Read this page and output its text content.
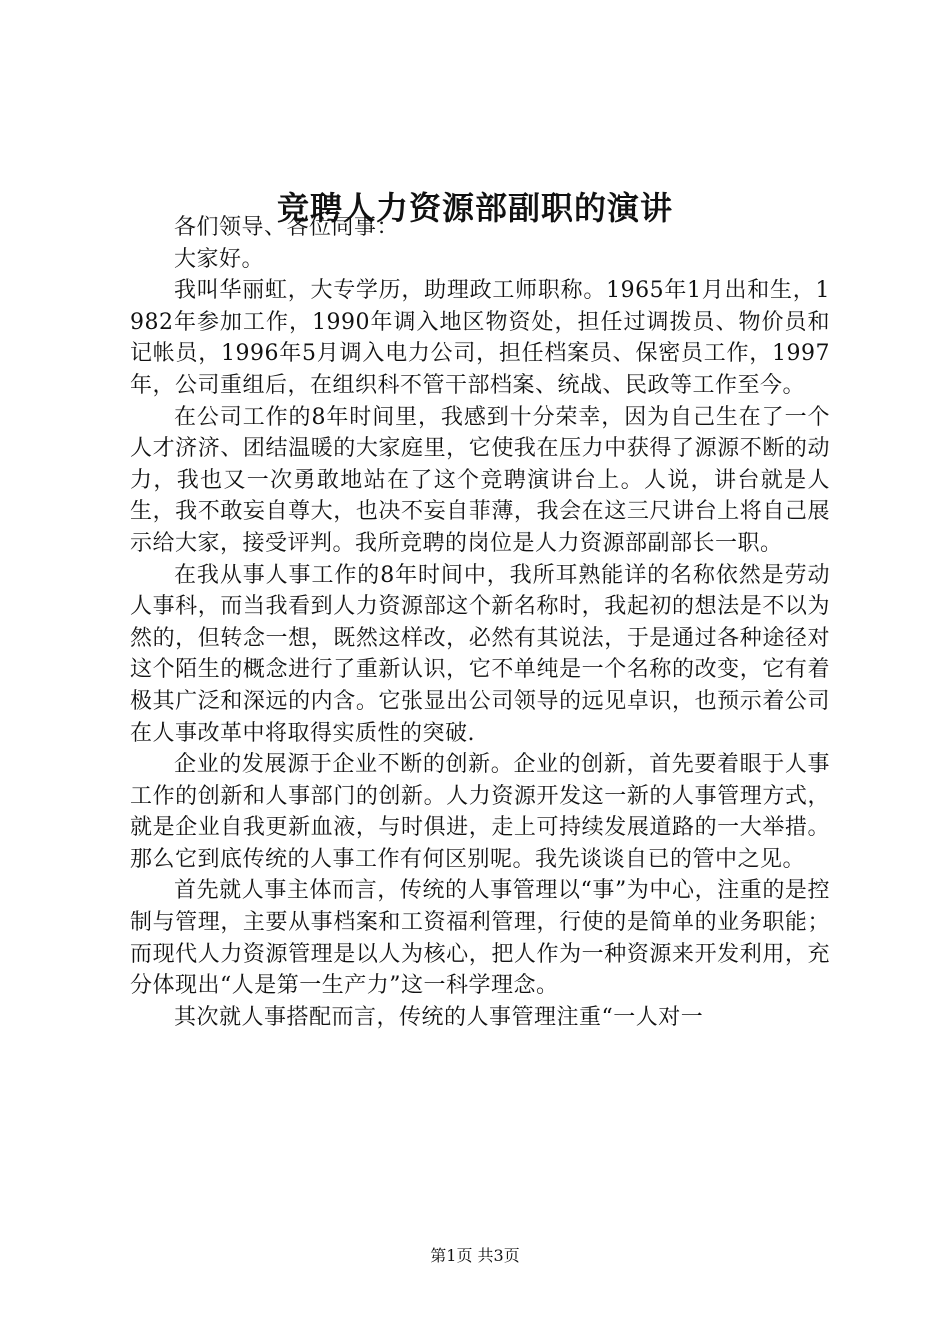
竞聘人力资源部副职的演讲

各们领导、各位同事：

大家好。

我叫华丽虹，大专学历，助理政工师职称。1965年1月出和生，1982年参加工作，1990年调入地区物资处，担任过调拨员、物价员和记帐员，1996年5月调入电力公司，担任档案员、保密员工作，1997年，公司重组后，在组织科不管干部档案、统战、民政等工作至今。

在公司工作的8年时间里，我感到十分荣幸，因为自己生在了一个人才济济、团结温暖的大家庭里，它使我在压力中获得了源源不断的动力，我也又一次勇敢地站在了这个竞聘演讲台上。人说，讲台就是人生，我不敢妄自尊大，也决不妄自菲薄，我会在这三尺讲台上将自己展示给大家，接受评判。我所竞聘的岗位是人力资源部副部长一职。

在我从事人事工作的8年时间中，我所耳熟能详的名称依然是劳动人事科，而当我看到人力资源部这个新名称时，我起初的想法是不以为然的，但转念一想，既然这样改，必然有其说法，于是通过各种途径对这个陌生的概念进行了重新认识，它不单纯是一个名称的改变，它有着极其广泛和深远的内含。它张显出公司领导的远见卓识，也预示着公司在人事改革中将取得实质性的突破.

企业的发展源于企业不断的创新。企业的创新，首先要着眼于人事工作的创新和人事部门的创新。人力资源开发这一新的人事管理方式，就是企业自我更新血液，与时俱进，走上可持续发展道路的一大举措。那么它到底传统的人事工作有何区别呢。我先谈谈自已的管中之见。

首先就人事主体而言，传统的人事管理以“事”为中心，注重的是控制与管理，主要从事档案和工资福利管理，行使的是简单的业务职能；而现代人力资源管理是以人为核心，把人作为一种资源来开发利用，充分体现出“人是第一生产力”这一科学理念。

其次就人事搭配而言，传统的人事管理注重“一人对一

第1页 共3页
